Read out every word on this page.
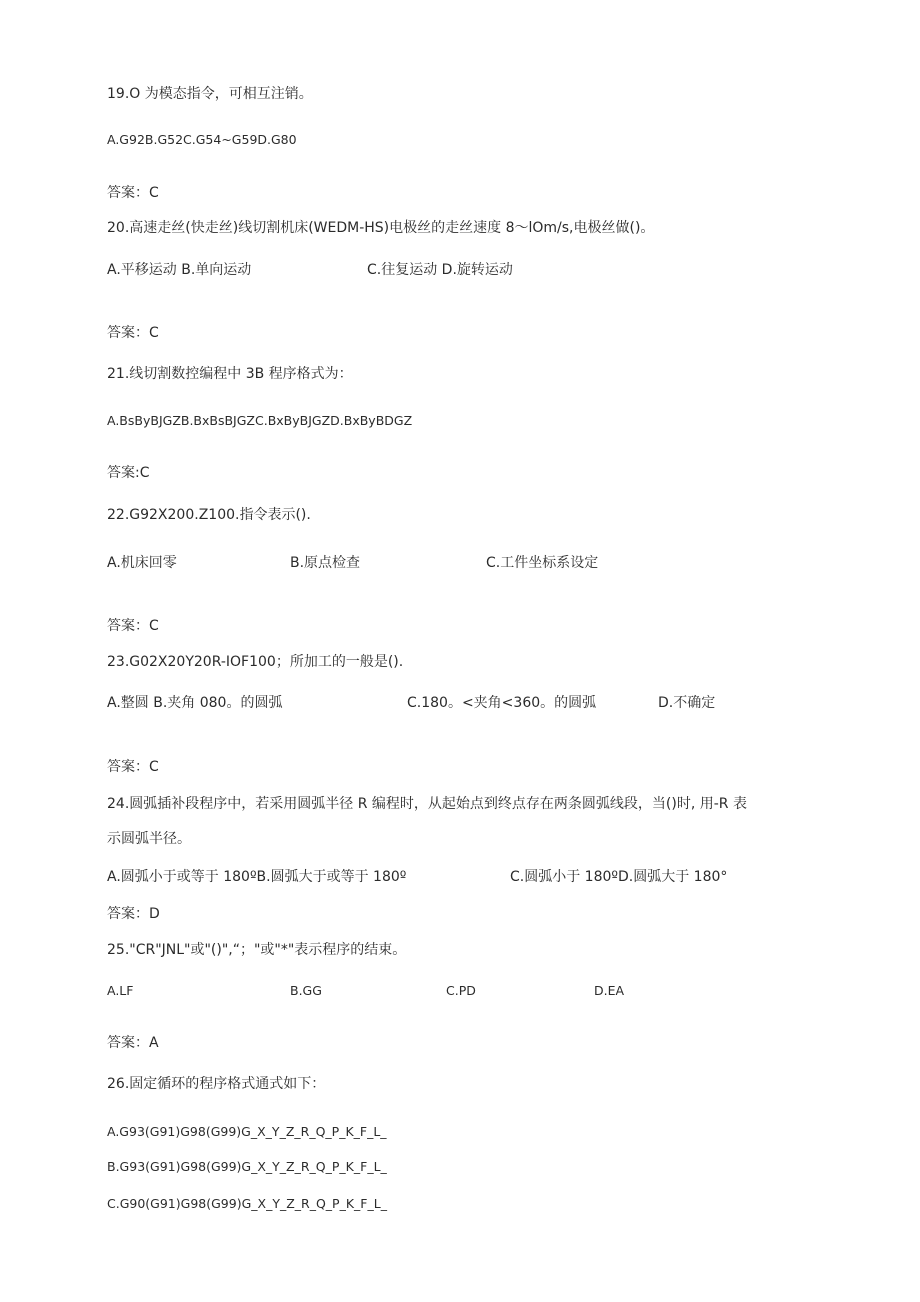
19.O 为模态指令，可相互注销。
A.G92B.G52C.G54~G59D.G80
答案：C
20.高速走丝(快走丝)线切割机床(WEDM-HS)电极丝的走丝速度 8～lOm/s,电极丝做()。
A.平移运动 B.单向运动	C.往复运动 D.旋转运动
答案：C
21.线切割数控编程中 3B 程序格式为：
A.BsByBJGZB.BxBsBJGZC.BxByBJGZD.BxByBDGZ
答案:C
22.G92X200.Z100.指令表示().
A.机床回零	B.原点检查	C.工件坐标系设定
答案：C
23.G02X20Y20R-IOF100；所加工的一般是().
A.整圆 B.夹角 080。的圆弧	C.180。<夹角<360。的圆弧	D.不确定
答案：C
24.圆弧插补段程序中，若采用圆弧半径 R 编程时，从起始点到终点存在两条圆弧线段，当()时, 用-R 表
示圆弧半径。
A.圆弧小于或等于 180ºB.圆弧大于或等于 180º	C.圆弧小于 180ºD.圆弧大于 180°
答案：D
25."CR"JNL"或"()",“；"或"*"表示程序的结束。
A.LF	B.GG	C.PD	D.EA
答案：A
26.固定循环的程序格式通式如下：
A.G93(G91)G98(G99)G_X_Y_Z_R_Q_P_K_F_L_
B.G93(G91)G98(G99)G_X_Y_Z_R_Q_P_K_F_L_
C.G90(G91)G98(G99)G_X_Y_Z_R_Q_P_K_F_L_
